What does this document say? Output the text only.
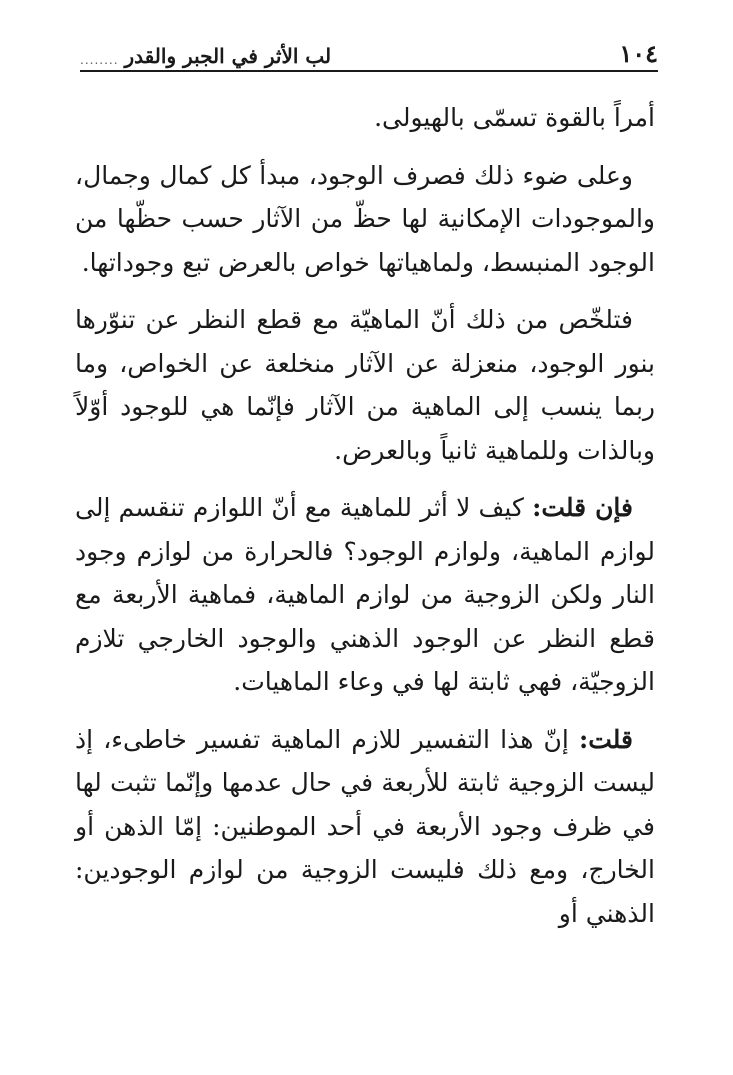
١٠٤
لب الأثر في الجبر والقدر
........

أمراً بالقوة تسمّى بالهيولى.

وعلى ضوء ذلك فصرف الوجود، مبدأ كل كمال وجمال، والموجودات الإمكانية لها حظّ من الآثار حسب حظّها من الوجود المنبسط، ولماهياتها خواص بالعرض تبع وجوداتها.

فتلخّص من ذلك أنّ الماهيّة مع قطع النظر عن تنوّرها بنور الوجود، منعزلة عن الآثار منخلعة عن الخواص، وما ربما ينسب إلى الماهية من الآثار فإنّما هي للوجود أوّلاً وبالذات وللماهية ثانياً وبالعرض.

فإن قلت: كيف لا أثر للماهية مع أنّ اللوازم تنقسم إلى لوازم الماهية، ولوازم الوجود؟ فالحرارة من لوازم وجود النار ولكن الزوجية من لوازم الماهية، فماهية الأربعة مع قطع النظر عن الوجود الذهني والوجود الخارجي تلازم الزوجيّة، فهي ثابتة لها في وعاء الماهيات.

قلت: إنّ هذا التفسير للازم الماهية تفسير خاطىء، إذ ليست الزوجية ثابتة للأربعة في حال عدمها وإنّما تثبت لها في ظرف وجود الأربعة في أحد الموطنين: إمّا الذهن أو الخارج، ومع ذلك فليست الزوجية من لوازم الوجودين: الذهني أو
